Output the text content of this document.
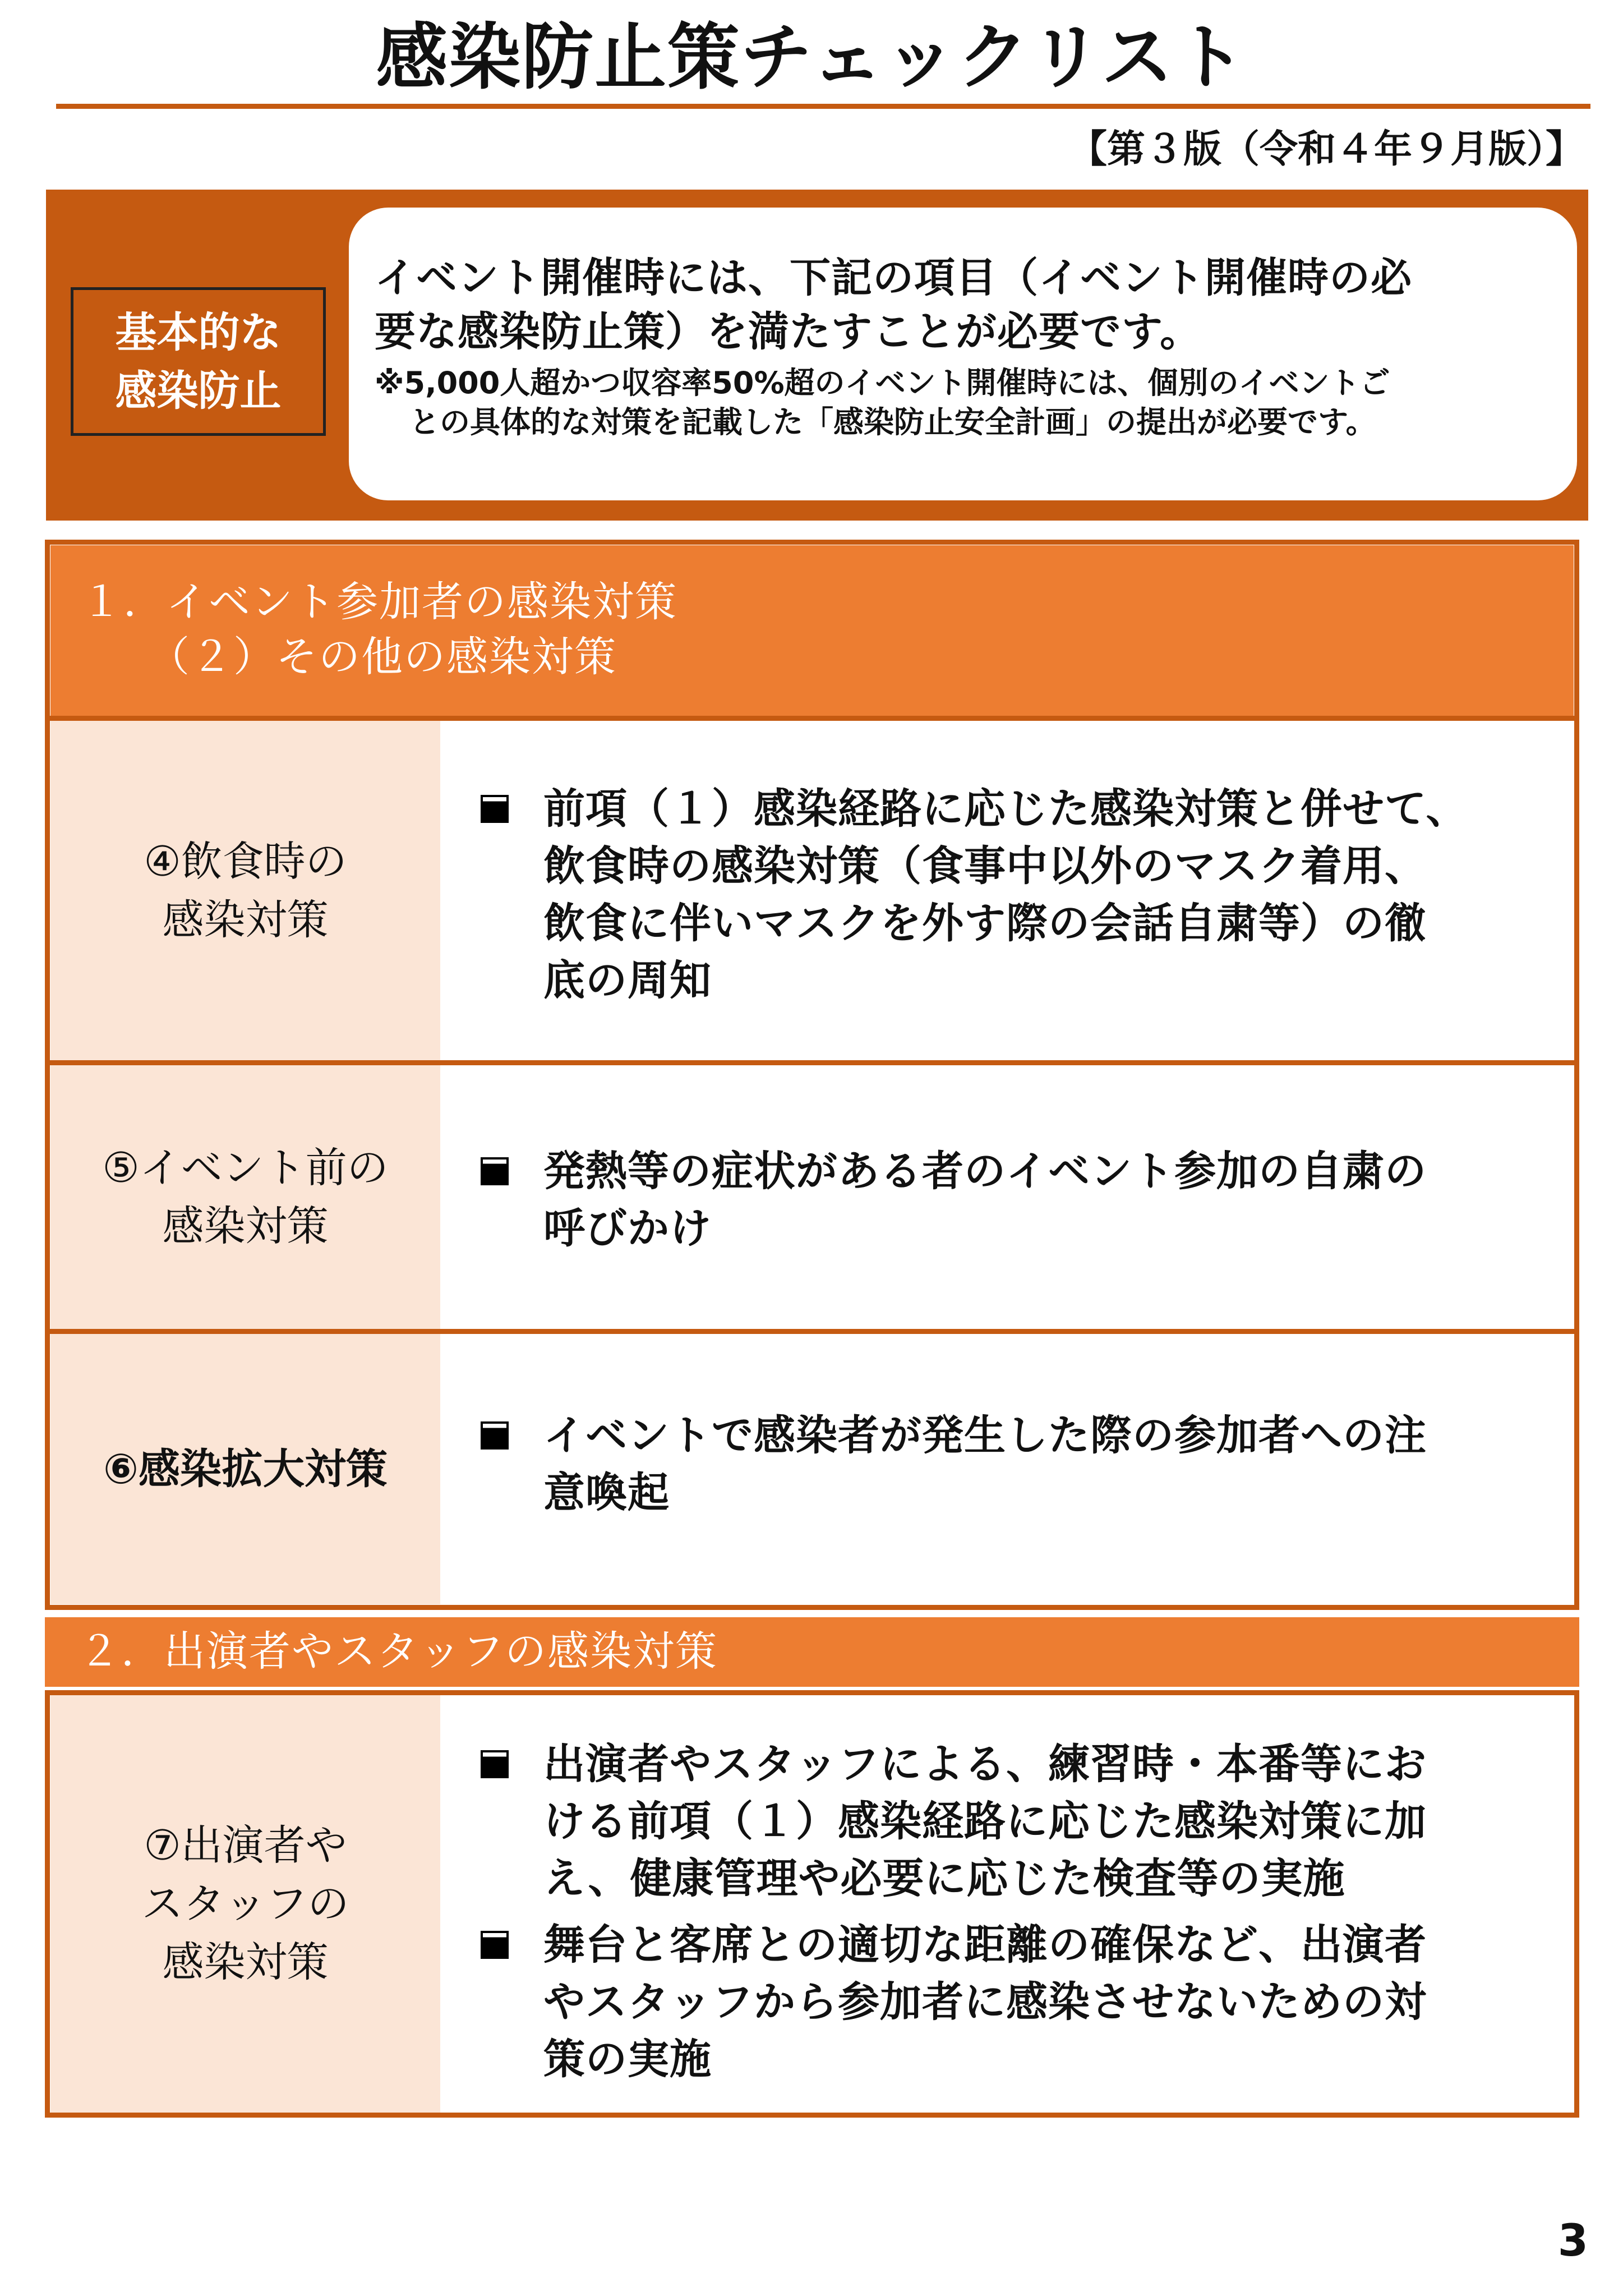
感染防止策チェックリスト
【第３版（令和４年９月版）】
基本的な
感染防止
イベント開催時には、下記の項目（イベント開催時の必
要な感染防止策）を満たすことが必要です。
※5,000人超かつ収容率50%超のイベント開催時には、個別のイベントご
との具体的な対策を記載した「感染防止安全計画」の提出が必要です。
１．イベント参加者の感染対策
（２）その他の感染対策
④飲食時の
感染対策
前項（１）感染経路に応じた感染対策と併せて、
飲食時の感染対策（食事中以外のマスク着用、
飲食に伴いマスクを外す際の会話自粛等）の徹
底の周知
⑤イベント前の
感染対策
発熱等の症状がある者のイベント参加の自粛の
呼びかけ
⑥感染拡大対策
イベントで感染者が発生した際の参加者への注
意喚起
２．出演者やスタッフの感染対策
⑦出演者や
スタッフの
感染対策
出演者やスタッフによる、練習時・本番等にお
ける前項（１）感染経路に応じた感染対策に加
え、健康管理や必要に応じた検査等の実施
舞台と客席との適切な距離の確保など、出演者
やスタッフから参加者に感染させないための対
策の実施
3
